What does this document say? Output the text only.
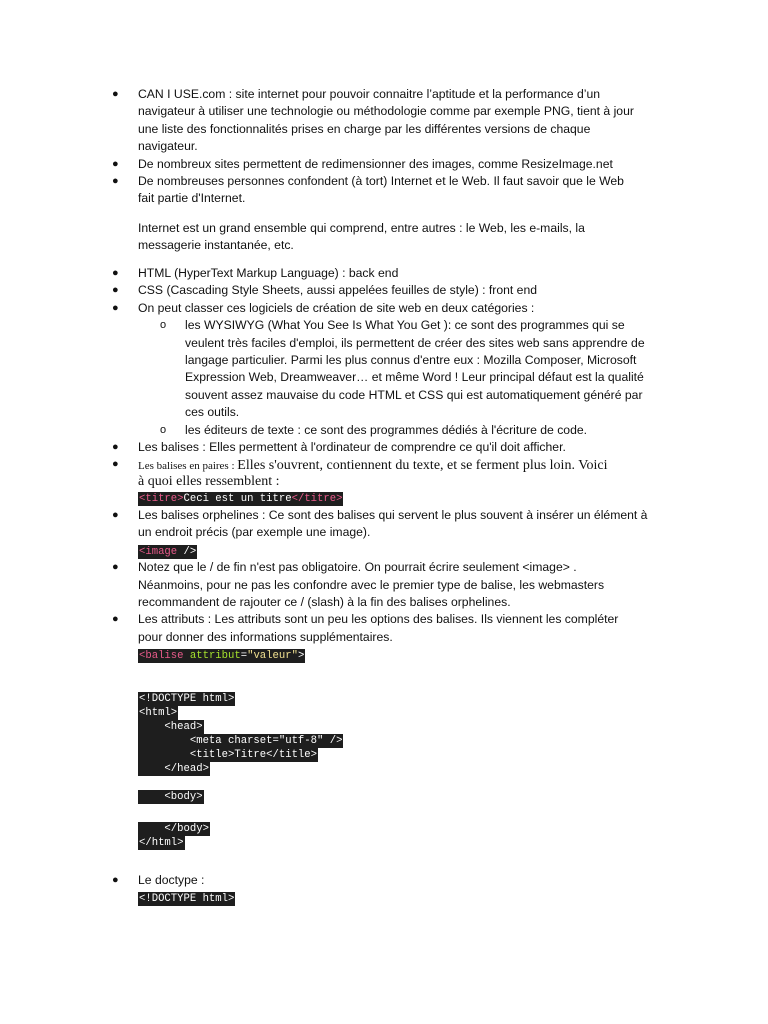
● CAN I USE.com : site internet pour pouvoir connaitre l’aptitude et la performance d’un
navigateur à utiliser une technologie ou méthodologie comme par exemple PNG, tient à jour
une liste des fonctionnalités prises en charge par les différentes versions de chaque
navigateur.
● De nombreux sites permettent de redimensionner des images, comme ResizeImage.net
● De nombreuses personnes confondent (à tort) Internet et le Web. Il faut savoir que le Web
fait partie d'Internet.
Internet est un grand ensemble qui comprend, entre autres : le Web, les e-mails, la
messagerie instantanée, etc.
● HTML (HyperText Markup Language) : back end
● CSS (Cascading Style Sheets, aussi appelées feuilles de style) : front end
● On peut classer ces logiciels de création de site web en deux catégories :
o les WYSIWYG (What You See Is What You Get ): ce sont des programmes qui se
veulent très faciles d'emploi, ils permettent de créer des sites web sans apprendre de
langage particulier. Parmi les plus connus d'entre eux : Mozilla Composer, Microsoft
Expression Web, Dreamweaver… et même Word ! Leur principal défaut est la qualité
souvent assez mauvaise du code HTML et CSS qui est automatiquement généré par
ces outils.
o les éditeurs de texte : ce sont des programmes dédiés à l'écriture de code.
● Les balises : Elles permettent à l'ordinateur de comprendre ce qu'il doit afficher.
● Les balises en paires : Elles s'ouvrent, contiennent du texte, et se ferment plus loin. Voici
à quoi elles ressemblent :
<titre>Ceci est un titre</titre>
● Les balises orphelines : Ce sont des balises qui servent le plus souvent à insérer un élément à
un endroit précis (par exemple une image).
<image />
● Notez que le / de fin n'est pas obligatoire. On pourrait écrire seulement <image> .
Néanmoins, pour ne pas les confondre avec le premier type de balise, les webmasters
recommandent de rajouter ce / (slash) à la fin des balises orphelines.
● Les attributs : Les attributs sont un peu les options des balises. Ils viennent les compléter
pour donner des informations supplémentaires.
<balise attribut="valeur">
<!DOCTYPE html>
<html>
<head>
<meta charset="utf-8" />
<title>Titre</title>
</head>
<body>
</body>
</html>
● Le doctype :
<!DOCTYPE html>
